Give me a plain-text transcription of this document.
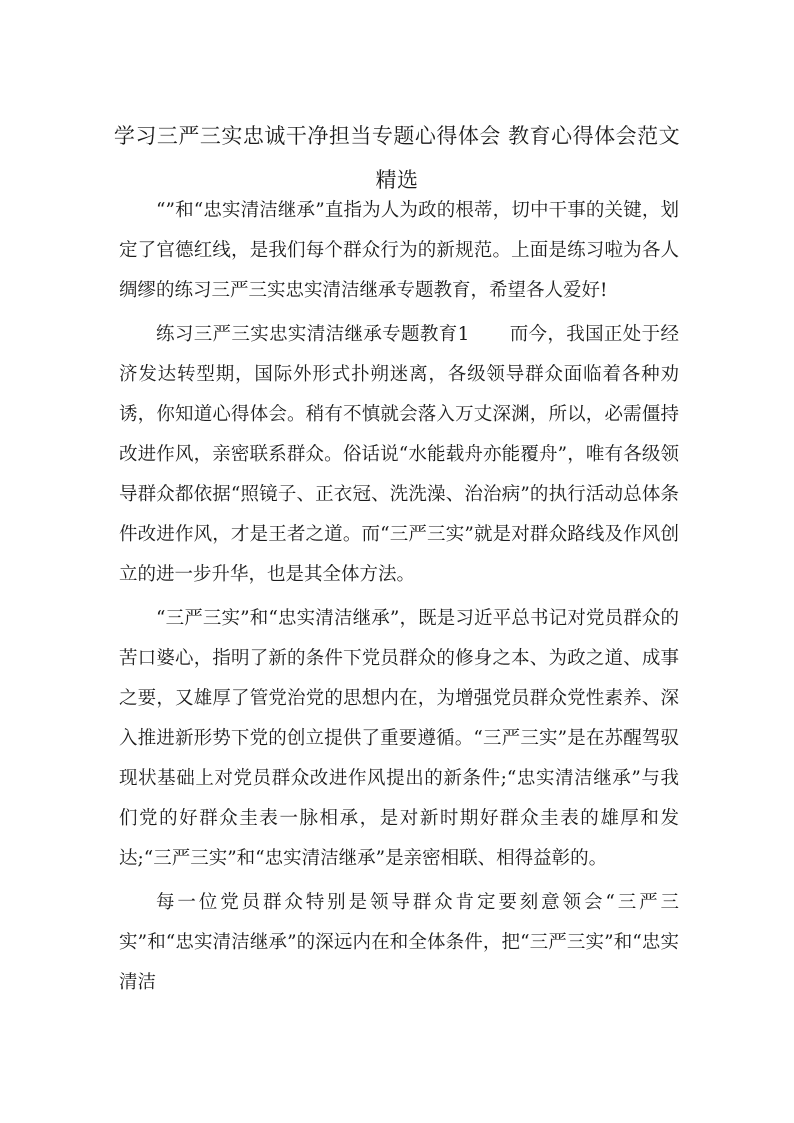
学习三严三实忠诚干净担当专题心得体会 教育心得体会范文精选

“”和“忠实清洁继承”直指为人为政的根蒂，切中干事的关键，划定了官德红线，是我们每个群众行为的新规范。上面是练习啦为各人绸缪的练习三严三实忠实清洁继承专题教育，希望各人爱好!

练习三严三实忠实清洁继承专题教育1 而今，我国正处于经济发达转型期，国际外形式扑朔迷离，各级领导群众面临着各种劝诱，你知道心得体会。稍有不慎就会落入万丈深渊，所以，必需僵持改进作风，亲密联系群众。俗话说“水能载舟亦能覆舟”，唯有各级领导群众都依据“照镜子、正衣冠、洗洗澡、治治病”的执行活动总体条件改进作风，才是王者之道。而“三严三实”就是对群众路线及作风创立的进一步升华，也是其全体方法。

“三严三实”和“忠实清洁继承”，既是习近平总书记对党员群众的苦口婆心，指明了新的条件下党员群众的修身之本、为政之道、成事之要，又雄厚了管党治党的思想内在，为增强党员群众党性素养、深入推进新形势下党的创立提供了重要遵循。“三严三实”是在苏醒驾驭现状基础上对党员群众改进作风提出的新条件;“忠实清洁继承”与我们党的好群众圭表一脉相承，是对新时期好群众圭表的雄厚和发达;“三严三实”和“忠实清洁继承”是亲密相联、相得益彰的。

每一位党员群众特别是领导群众肯定要刻意领会“三严三实”和“忠实清洁继承”的深远内在和全体条件，把“三严三实”和“忠实清洁
